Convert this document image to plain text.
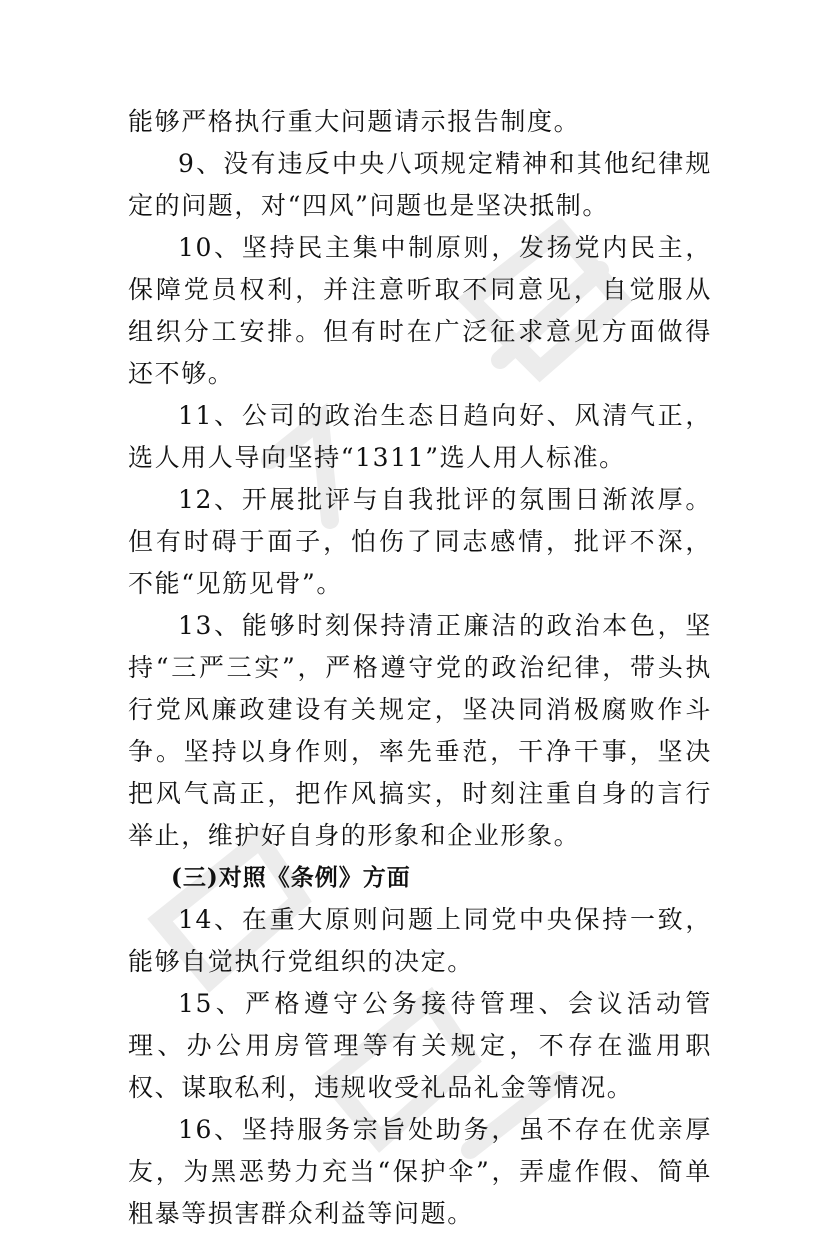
能够严格执行重大问题请示报告制度。

9、没有违反中央八项规定精神和其他纪律规定的问题，对“四风”问题也是坚决抵制。

10、坚持民主集中制原则，发扬党内民主，保障党员权利，并注意听取不同意见，自觉服从组织分工安排。但有时在广泛征求意见方面做得还不够。

11、公司的政治生态日趋向好、风清气正，选人用人导向坚持“1311”选人用人标准。

12、开展批评与自我批评的氛围日渐浓厚。但有时碍于面子，怕伤了同志感情，批评不深，不能“见筋见骨”。

13、能够时刻保持清正廉洁的政治本色，坚持“三严三实”，严格遵守党的政治纪律，带头执行党风廉政建设有关规定，坚决同消极腐败作斗争。坚持以身作则，率先垂范，干净干事，坚决把风气高正，把作风搞实，时刻注重自身的言行举止，维护好自身的形象和企业形象。

(三)对照《条例》方面

14、在重大原则问题上同党中央保持一致，能够自觉执行党组织的决定。

15、严格遵守公务接待管理、会议活动管理、办公用房管理等有关规定，不存在滥用职权、谋取私利，违规收受礼品礼金等情况。

16、坚持服务宗旨处助务，虽不存在优亲厚友，为黑恶势力充当“保护伞”，弄虚作假、简单粗暴等损害群众利益等问题。
